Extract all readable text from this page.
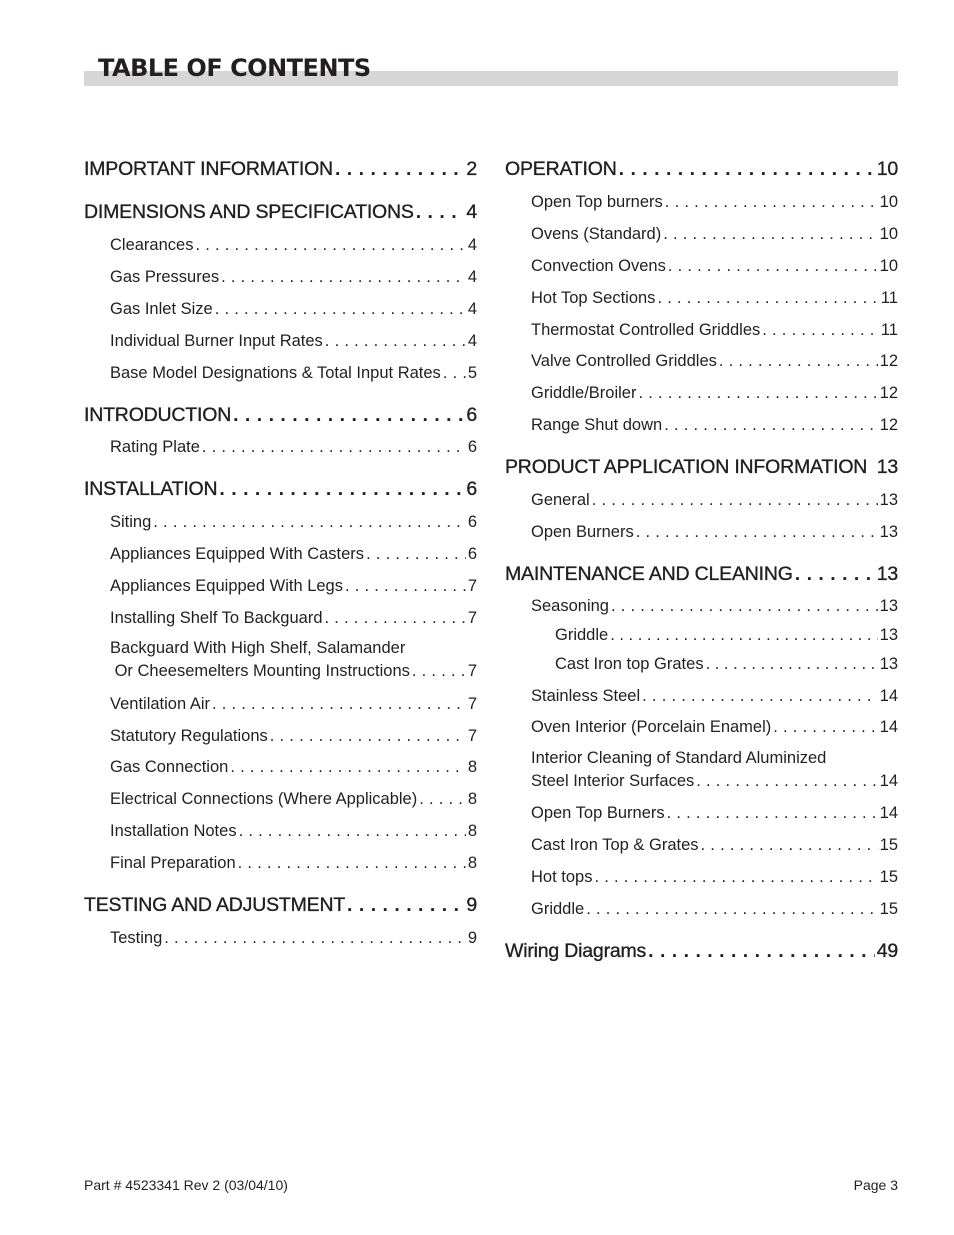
TABLE OF CONTENTS
IMPORTANT INFORMATION . . .	2
DIMENSIONS AND SPECIFICATIONS . . .	4
Clearances . . .	4
Gas Pressures . . .	4
Gas Inlet Size . . .	4
Individual Burner Input Rates . . .	4
Base Model Designations & Total Input Rates . . . 5
INTRODUCTION . . .	6
Rating Plate . . .	6
INSTALLATION . . .	6
Siting . . .	6
Appliances Equipped With Casters . . .	6
Appliances Equipped With Legs . . .	7
Installing Shelf To Backguard . . .	7
Backguard With High Shelf, Salamander
Or Cheesemelters Mounting Instructions . . .	7
Ventilation Air . . .	7
Statutory Regulations . . .	7
Gas Connection . . .	8
Electrical Connections (Where Applicable) . . .	8
Installation Notes . . .	8
Final Preparation . . .	8
TESTING AND ADJUSTMENT . . .	9
Testing . . .	9
OPERATION . . .	10
Open Top burners . . .	10
Ovens (Standard) . . .	10
Convection Ovens . . .	10
Hot Top Sections . . .	11
Thermostat Controlled Griddles . . .	11
Valve Controlled Griddles . . .	12
Griddle/Broiler . . .	12
Range Shut down . . .	12
PRODUCT APPLICATION INFORMATION 13
General . . .	13
Open Burners . . .	13
MAINTENANCE AND CLEANING . . .	13
Seasoning . . .	13
Griddle . . .	13
Cast Iron top Grates . . .	13
Stainless Steel . . .	14
Oven Interior (Porcelain Enamel) . . .	14
Interior Cleaning of Standard Aluminized
Steel Interior Surfaces . . .	14
Open Top Burners . . .	14
Cast Iron Top & Grates . . .	15
Hot tops . . .	15
Griddle . . .	15
Wiring Diagrams . . .	49
Part # 4523341 Rev 2 (03/04/10)	Page 3
